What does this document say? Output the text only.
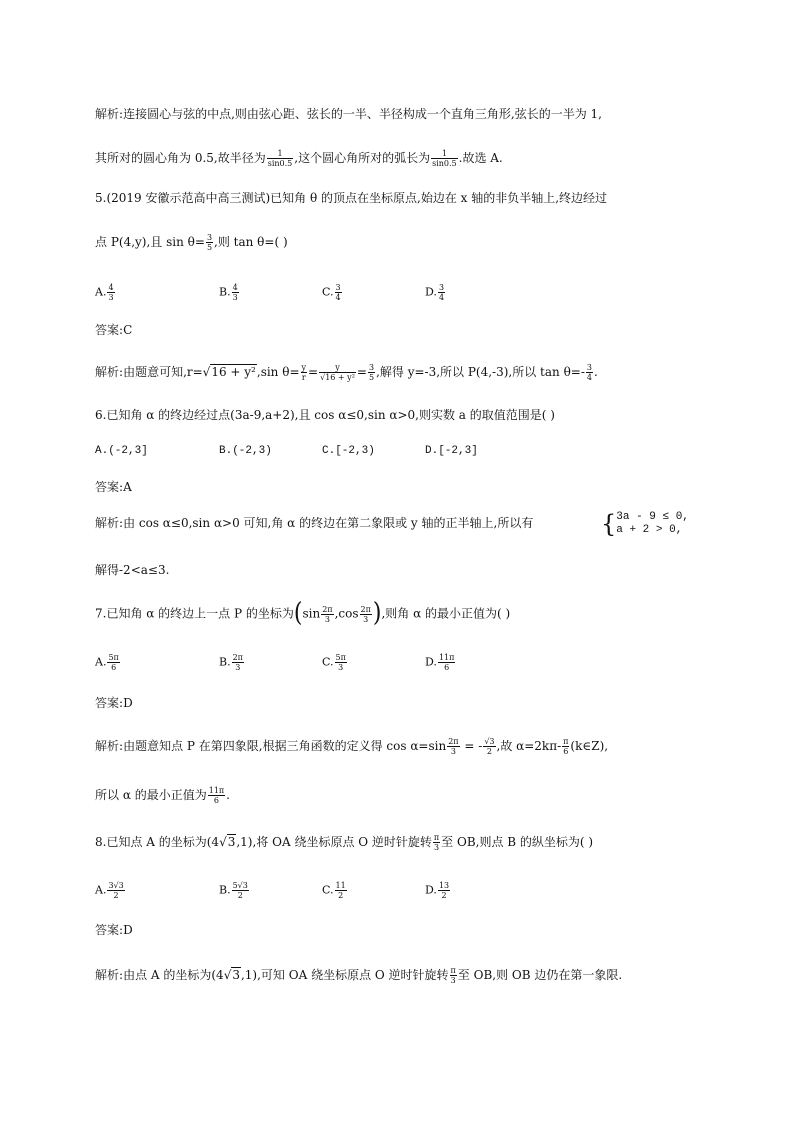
解析:连接圆心与弦的中点,则由弦心距、弦长的一半、半径构成一个直角三角形,弦长的一半为 1,
其所对的圆心角为 0.5,故半径为 $\frac{1}{\sin 0.5}$ ,这个圆心角所对的弧长为 $\frac{1}{\sin 0.5}$ .故选 A.
5.(2019 安徽示范高中高三测试)已知角 θ 的顶点在坐标原点,始边在 x 轴的非负半轴上,终边经过
点 P(4,y),且 $\sin \theta= \frac{3}{5}$ ,则 tan θ=( )
A. $\frac{4}{3}$	B. $\frac{4}{3}$	C. $\frac{3}{4}$	D. $\frac{3}{4}$
答案:C
解析:由题意可知,r=√16 + y²,sin $\theta= \frac{y}{r} = \frac{y}{\text{√16 + y²}} = \frac{3}{5}$ ,解得 y=-3,所以 P(4,-3),所以 $\tan \theta=- \frac{3}{4}$ .
6.已知角 α 的终边经过点(3a-9,a+2),且 cos α≤0,sin α>0,则实数 a 的取值范围是( )
A.(-2,3]	B.(-2,3)	C.[-2,3)	D.[-2,3]
答案:A
解析:由 cos α≤0,sin α>0 可知,角 α 的终边在第二象限或 y 轴的正半轴上,所以有	{ 3a - 9 ≤ 0,
a + 2 > 0,
解得-2<a≤3.
7.已知角 α 的终边上一点 P 的坐标为($\sin \frac{2\pi}{3} ,\cos \frac{2\pi}{3}$ ),则角 α 的最小正值为( )
A. $\frac{5\pi}{6}$	B. $\frac{2\pi}{3}$	C. $\frac{5\pi}{3}$	D. $\frac{11\pi}{6}$
答案:D
解析:由题意知点 P 在第四象限,根据三角函数的定义得 $\cos \alpha=\sin \frac{2\pi}{3}$ = - $\frac{√3}{2}$ ,故 $\alpha=2k\pi- \frac{\pi}{6}$ (k∈Z),
所以 α 的最小正值为 $\frac{11\pi}{6}$ .
8.已知点 A 的坐标为(4√3,1),将 OA 绕坐标原点 O 逆时针旋转 $\frac{\pi}{3}$ 至 OB,则点 B 的纵坐标为( )
A. $\frac{3√3}{2}$	B. $\frac{5√3}{2}$	C. $\frac{11}{2}$	D. $\frac{13}{2}$
答案:D
解析:由点 A 的坐标为(4√3,1),可知 OA 绕坐标原点 O 逆时针旋转 $\frac{\pi}{3}$ 至 OB,则 OB 边仍在第一象限.
